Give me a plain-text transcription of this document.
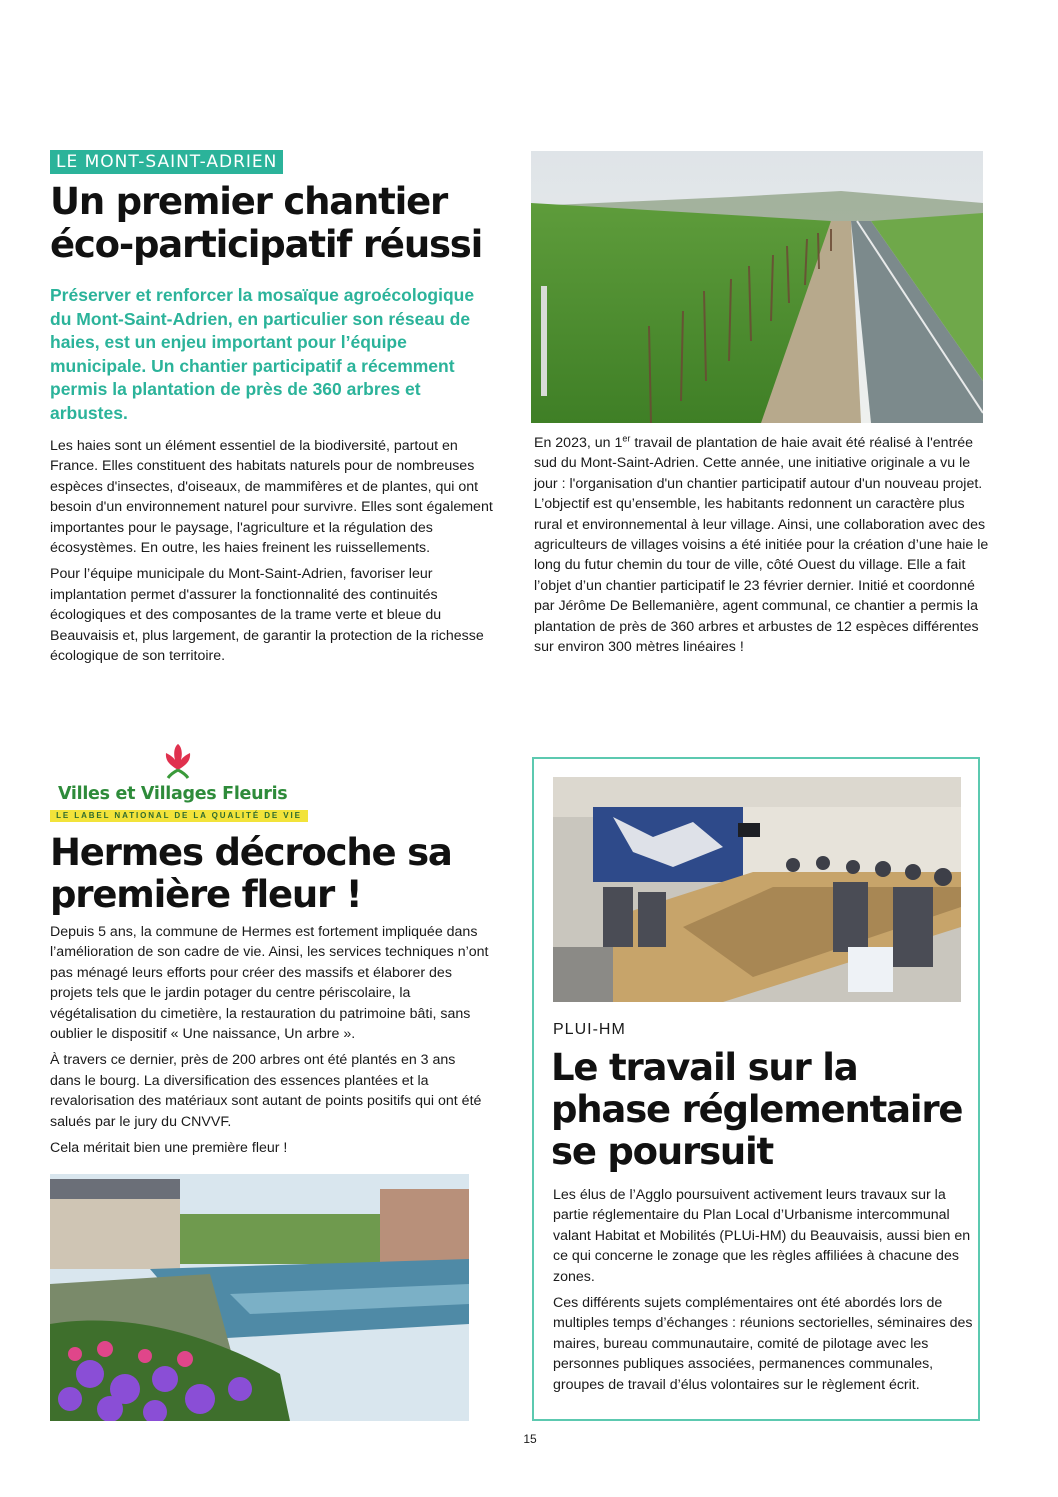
LE MONT-SAINT-ADRIEN
Un premier chantier éco-participatif réussi

Préserver et renforcer la mosaïque agroécologique du Mont-Saint-Adrien, en particulier son réseau de haies, est un enjeu important pour l’équipe municipale. Un chantier participatif a récemment permis la plantation de près de 360 arbres et arbustes.

Les haies sont un élément essentiel de la biodiversité, partout en France. Elles constituent des habitats naturels pour de nombreuses espèces d'insectes, d'oiseaux, de mammifères et de plantes, qui ont besoin d'un environnement naturel pour survivre. Elles sont également importantes pour le paysage, l'agriculture et la régulation des écosystèmes. En outre, les haies freinent les ruissellements.

Pour l’équipe municipale du Mont-Saint-Adrien, favoriser leur implantation permet d'assurer la fonctionnalité des continuités écologiques et des composantes de la trame verte et bleue du Beauvaisis et, plus largement, de garantir la protection de la richesse écologique de son territoire.

En 2023, un 1er travail de plantation de haie avait été réalisé à l'entrée sud du Mont-Saint-Adrien. Cette année, une initiative originale a vu le jour : l'organisation d'un chantier participatif autour d'un nouveau projet. L’objectif est qu’ensemble, les habitants redonnent un caractère plus rural et environnemental à leur village. Ainsi, une collaboration avec des agriculteurs de villages voisins a été initiée pour la création d’une haie le long du futur chemin du tour de ville, côté Ouest du village. Elle a fait l’objet d’un chantier participatif le 23 février dernier. Initié et coordonné par Jérôme De Bellemanière, agent communal, ce chantier a permis la plantation de près de 360 arbres et arbustes de 12 espèces différentes sur environ 300 mètres linéaires !

Villes et Villages Fleuris
LE LABEL NATIONAL DE LA QUALITÉ DE VIE
Hermes décroche sa première fleur !

Depuis 5 ans, la commune de Hermes est fortement impliquée dans l’amélioration de son cadre de vie. Ainsi, les services techniques n’ont pas ménagé leurs efforts pour créer des massifs et élaborer des projets tels que le jardin potager du centre périscolaire, la végétalisation du cimetière, la restauration du patrimoine bâti, sans oublier le dispositif « Une naissance, Un arbre ».

À travers ce dernier, près de 200 arbres ont été plantés en 3 ans dans le bourg. La diversification des essences plantées et la revalorisation des matériaux sont autant de points positifs qui ont été salués par le jury du CNVVF.

Cela méritait bien une première fleur !

PLUI-HM
Le travail sur la phase réglementaire se poursuit

Les élus de l’Agglo poursuivent activement leurs travaux sur la partie réglementaire du Plan Local d’Urbanisme intercommunal valant Habitat et Mobilités (PLUi-HM) du Beauvaisis, aussi bien en ce qui concerne le zonage que les règles affiliées à chacune des zones.

Ces différents sujets complémentaires ont été abordés lors de multiples temps d’échanges : réunions sectorielles, séminaires des maires, bureau communautaire, comité de pilotage avec les personnes publiques associées, permanences communales, groupes de travail d’élus volontaires sur le règlement écrit.

15
